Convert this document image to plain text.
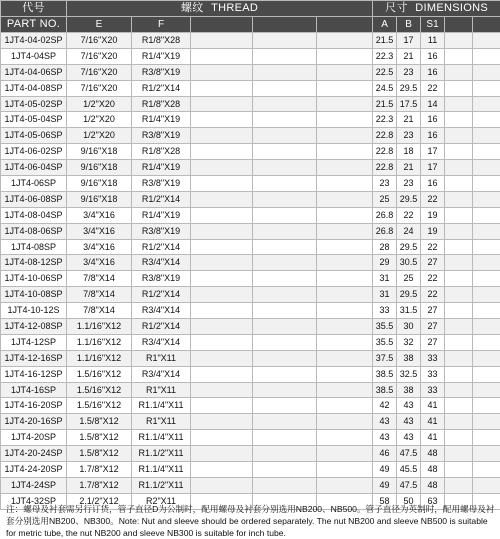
代号	螺纹 THREAD					尺寸 DIMENSIONS				
PART NO.	E	F				A	B	S1		
1JT4-04-02SP	7/16"X20	R1/8"X28				21.5	17	11		
1JT4-04SP	7/16"X20	R1/4"X19				22.3	21	16		
1JT4-04-06SP	7/16"X20	R3/8"X19				22.5	23	16		
1JT4-04-08SP	7/16"X20	R1/2"X14				24.5	29.5	22		
1JT4-05-02SP	1/2"X20	R1/8"X28				21.5	17.5	14		
1JT4-05-04SP	1/2"X20	R1/4"X19				22.3	21	16		
1JT4-05-06SP	1/2"X20	R3/8"X19				22.8	23	16		
1JT4-06-02SP	9/16"X18	R1/8"X28				22.8	18	17		
1JT4-06-04SP	9/16"X18	R1/4"X19				22.8	21	17		
1JT4-06SP	9/16"X18	R3/8"X19				23	23	16		
1JT4-06-08SP	9/16"X18	R1/2"X14				25	29.5	22		
1JT4-08-04SP	3/4"X16	R1/4"X19				26.8	22	19		
1JT4-08-06SP	3/4"X16	R3/8"X19				26.8	24	19		
1JT4-08SP	3/4"X16	R1/2"X14				28	29.5	22		
1JT4-08-12SP	3/4"X16	R3/4"X14				29	30.5	27		
1JT4-10-06SP	7/8"X14	R3/8"X19				31	25	22		
1JT4-10-08SP	7/8"X14	R1/2"X14				31	29.5	22		
1JT4-10-12S	7/8"X14	R3/4"X14				33	31.5	27		
1JT4-12-08SP	1.1/16"X12	R1/2"X14				35.5	30	27		
1JT4-12SP	1.1/16"X12	R3/4"X14				35.5	32	27		
1JT4-12-16SP	1.1/16"X12	R1"X11				37.5	38	33		
1JT4-16-12SP	1.5/16"X12	R3/4"X14				38.5	32.5	33		
1JT4-16SP	1.5/16"X12	R1"X11				38.5	38	33		
1JT4-16-20SP	1.5/16"X12	R1.1/4"X11				42	43	41		
1JT4-20-16SP	1.5/8"X12	R1"X11				43	43	41		
1JT4-20SP	1.5/8"X12	R1.1/4"X11				43	43	41		
1JT4-20-24SP	1.5/8"X12	R1.1/2"X11				46	47.5	48		
1JT4-24-20SP	1.7/8"X12	R1.1/4"X11				49	45.5	48		
1JT4-24SP	1.7/8"X12	R1.1/2"X11				49	47.5	48		
1JT4-32SP	2.1/2"X12	R2"X11				58	50	63		
注：螺母及衬套需另行订货，管子直径D为公制时，配用螺母及衬套分别选用NB200、NB500。管子直径为英制时，配用螺母及衬套分别选用NB200、NB300。Note: Nut and sleeve should be ordered separately. The nut NB200 and sleeve NB500 is suitable for metric tube, the nut NB200 and sleeve NB300 is suitable for inch tube.
